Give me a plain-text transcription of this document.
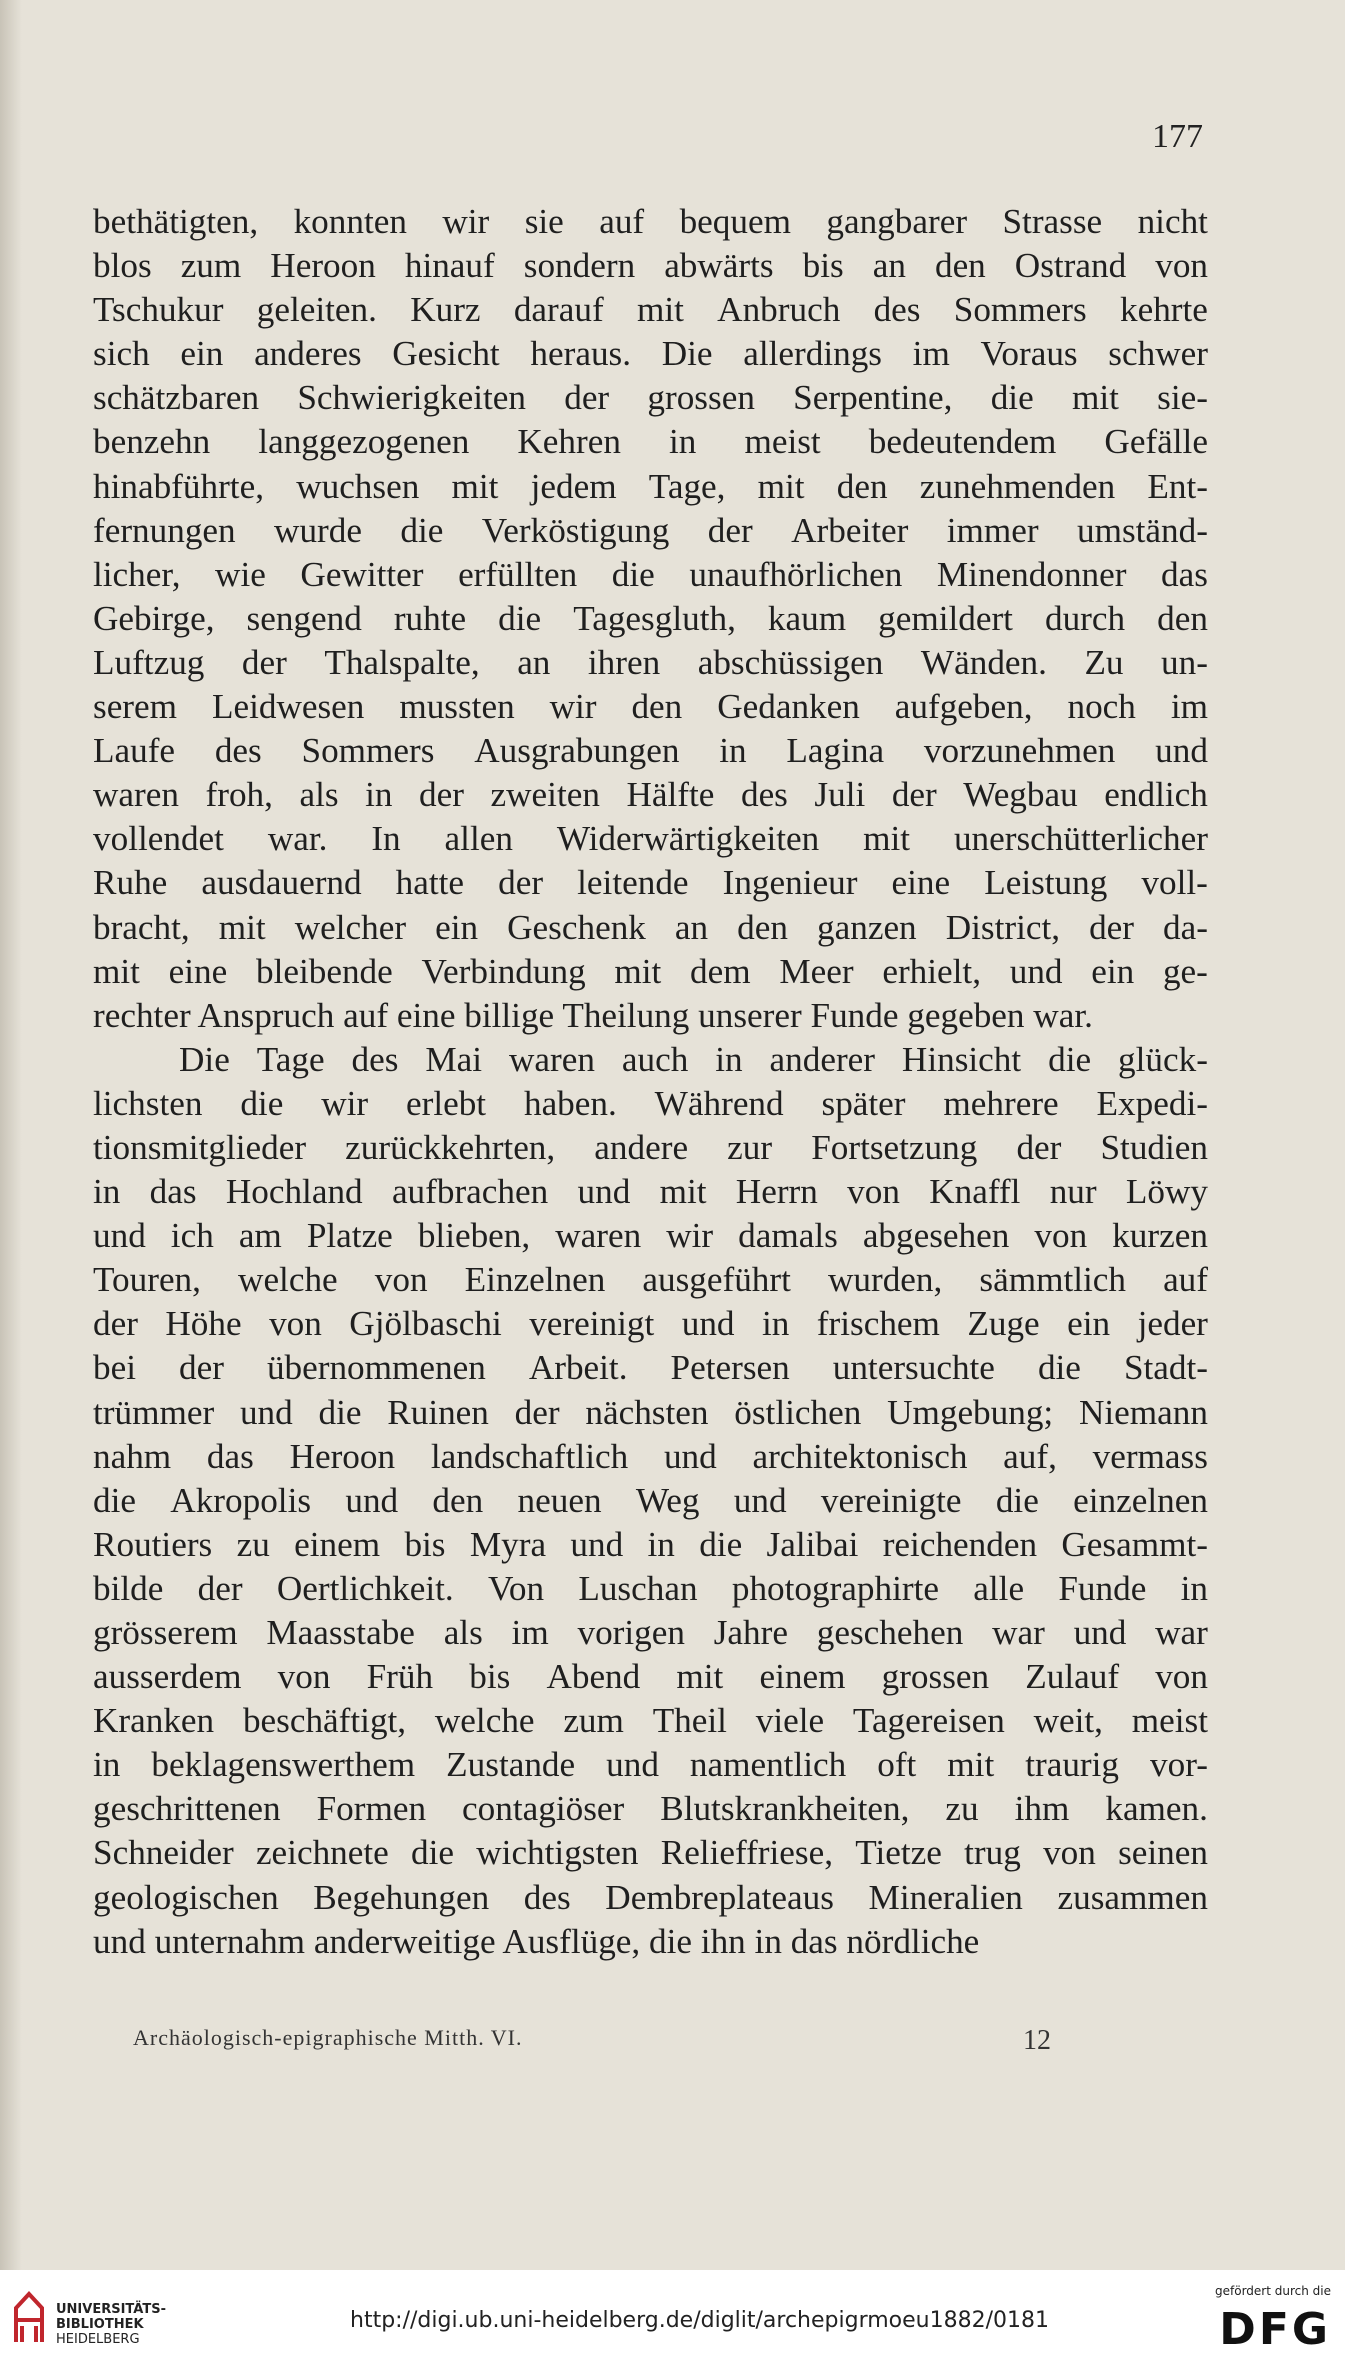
177
bethätigten, konnten wir sie auf bequem gangbarer Strasse nicht
blos zum Heroon hinauf sondern abwärts bis an den Ostrand von
Tschukur geleiten. Kurz darauf mit Anbruch des Sommers kehrte
sich ein anderes Gesicht heraus. Die allerdings im Voraus schwer
schätzbaren Schwierigkeiten der grossen Serpentine, die mit sie-
benzehn langgezogenen Kehren in meist bedeutendem Gefälle
hinabführte, wuchsen mit jedem Tage, mit den zunehmenden Ent-
fernungen wurde die Verköstigung der Arbeiter immer umständ-
licher, wie Gewitter erfüllten die unaufhörlichen Minendonner das
Gebirge, sengend ruhte die Tagesgluth, kaum gemildert durch den
Luftzug der Thalspalte, an ihren abschüssigen Wänden. Zu un-
serem Leidwesen mussten wir den Gedanken aufgeben, noch im
Laufe des Sommers Ausgrabungen in Lagina vorzunehmen und
waren froh, als in der zweiten Hälfte des Juli der Wegbau endlich
vollendet war. In allen Widerwärtigkeiten mit unerschütterlicher
Ruhe ausdauernd hatte der leitende Ingenieur eine Leistung voll-
bracht, mit welcher ein Geschenk an den ganzen District, der da-
mit eine bleibende Verbindung mit dem Meer erhielt, und ein ge-
rechter Anspruch auf eine billige Theilung unserer Funde gegeben war.
Die Tage des Mai waren auch in anderer Hinsicht die glück-
lichsten die wir erlebt haben. Während später mehrere Expedi-
tionsmitglieder zurückkehrten, andere zur Fortsetzung der Studien
in das Hochland aufbrachen und mit Herrn von Knaffl nur Löwy
und ich am Platze blieben, waren wir damals abgesehen von kurzen
Touren, welche von Einzelnen ausgeführt wurden, sämmtlich auf
der Höhe von Gjölbaschi vereinigt und in frischem Zuge ein jeder
bei der übernommenen Arbeit. Petersen untersuchte die Stadt-
trümmer und die Ruinen der nächsten östlichen Umgebung; Niemann
nahm das Heroon landschaftlich und architektonisch auf, vermass
die Akropolis und den neuen Weg und vereinigte die einzelnen
Routiers zu einem bis Myra und in die Jalibai reichenden Gesammt-
bilde der Oertlichkeit. Von Luschan photographirte alle Funde in
grösserem Maasstabe als im vorigen Jahre geschehen war und war
ausserdem von Früh bis Abend mit einem grossen Zulauf von
Kranken beschäftigt, welche zum Theil viele Tagereisen weit, meist
in beklagenswerthem Zustande und namentlich oft mit traurig vor-
geschrittenen Formen contagiöser Blutskrankheiten, zu ihm kamen.
Schneider zeichnete die wichtigsten Relieffriese, Tietze trug von seinen
geologischen Begehungen des Dembreplateaus Mineralien zusammen
und unternahm anderweitige Ausflüge, die ihn in das nördliche
Archäologisch-epigraphische Mitth. VI.	12
UNIVERSITÄTS-
BIBLIOTHEK
HEIDELBERG
http://digi.ub.uni-heidelberg.de/diglit/archepigrmoeu1882/0181
gefördert durch die
DFG
